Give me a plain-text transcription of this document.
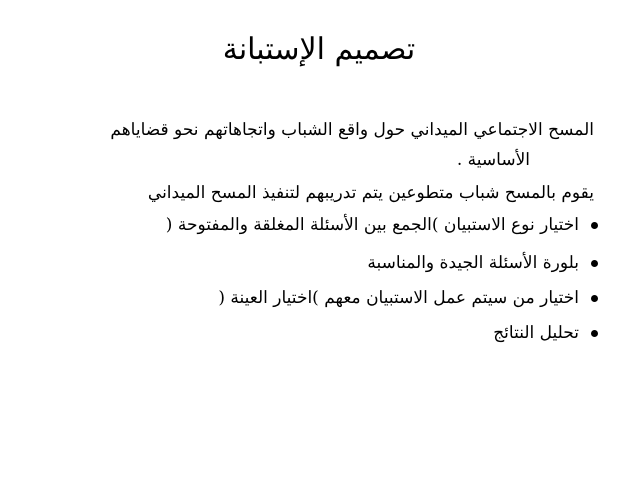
تصميم الإستبانة
المسح الاجتماعي الميداني حول واقع الشباب واتجاهاتهم نحو قضاياهم
الأساسية .
يقوم بالمسح شباب متطوعين يتم تدريبهم لتنفيذ المسح الميداني
اختيار نوع الاستبيان )الجمع بين الأسئلة المغلقة والمفتوحة (
بلورة الأسئلة الجيدة والمناسبة
اختيار من سيتم عمل الاستبيان معهم )اختيار العينة (
تحليل النتائج
